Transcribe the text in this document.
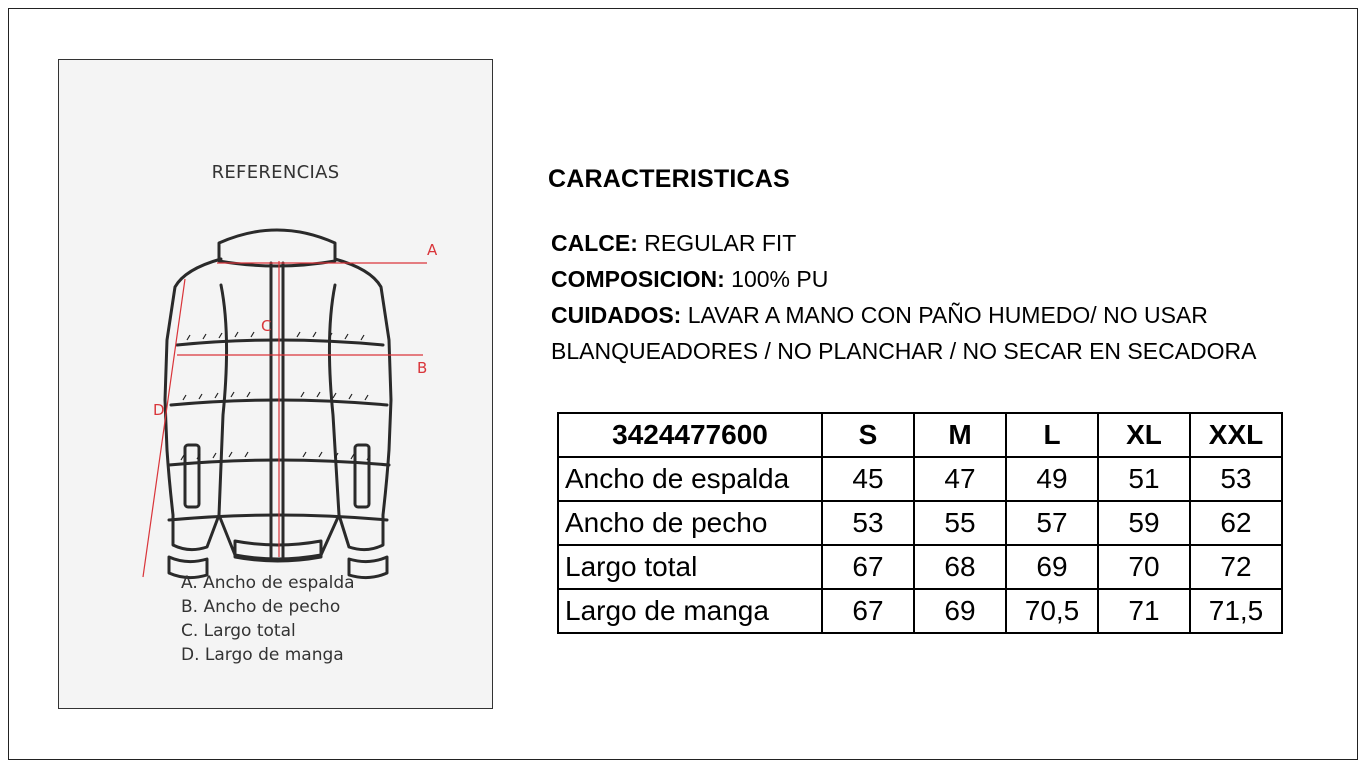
REFERENCIAS
A
B
C
D
A. Ancho de espalda
B. Ancho de pecho
C. Largo total
D. Largo de manga
CARACTERISTICAS
CALCE: REGULAR FIT
COMPOSICION: 100% PU
CUIDADOS: LAVAR A MANO CON PAÑO HUMEDO/ NO USAR
BLANQUEADORES / NO PLANCHAR / NO SECAR EN SECADORA
3424477600	S	M	L	XL	XXL
Ancho de espalda	45	47	49	51	53
Ancho de pecho	53	55	57	59	62
Largo total	67	68	69	70	72
Largo de manga	67	69	70,5	71	71,5
